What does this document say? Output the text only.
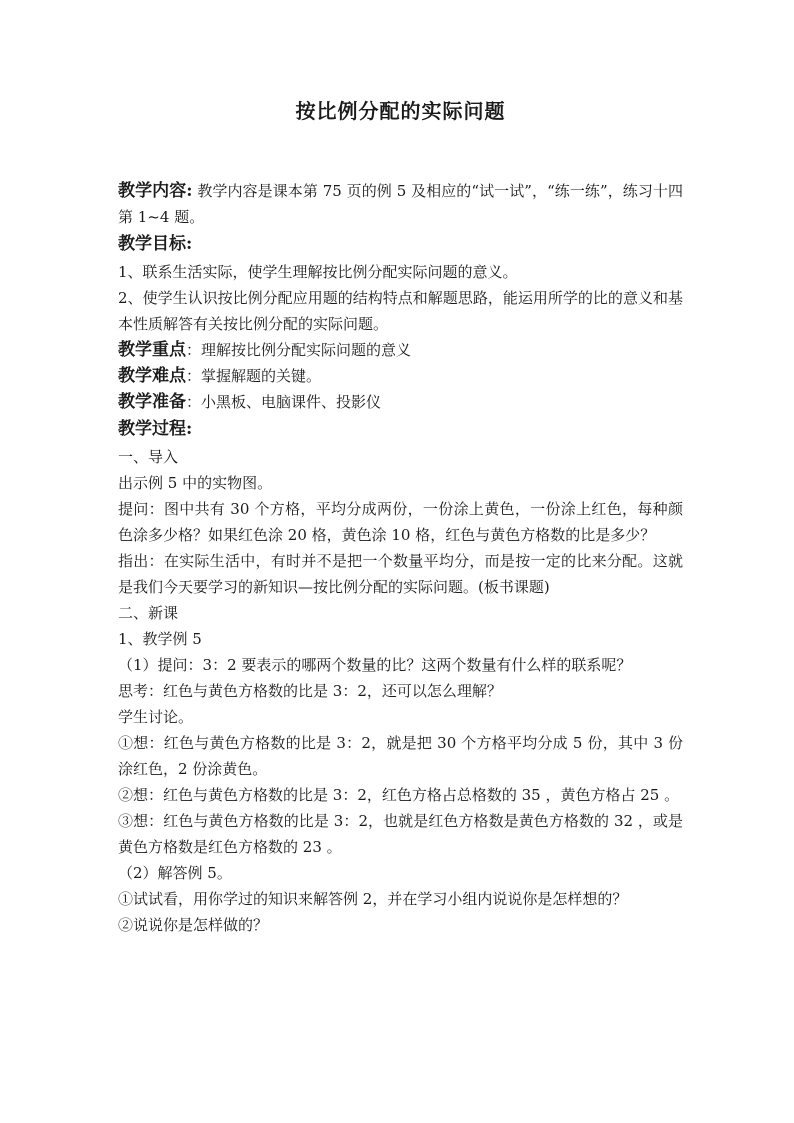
按比例分配的实际问题

教学内容: 教学内容是课本第 75 页的例 5 及相应的“试一试”，“练一练”，练习十四第 1~4 题。

教学目标:

1、联系生活实际，使学生理解按比例分配实际问题的意义。

2、使学生认识按比例分配应用题的结构特点和解题思路，能运用所学的比的意义和基本性质解答有关按比例分配的实际问题。

教学重点：理解按比例分配实际问题的意义

教学难点：掌握解题的关键。

教学准备：小黑板、电脑课件、投影仪

教学过程:

一、导入

出示例 5 中的实物图。

提问：图中共有 30 个方格，平均分成两份，一份涂上黄色，一份涂上红色，每种颜色涂多少格？如果红色涂 20 格，黄色涂 10 格，红色与黄色方格数的比是多少？

指出：在实际生活中，有时并不是把一个数量平均分，而是按一定的比来分配。这就是我们今天要学习的新知识—按比例分配的实际问题。(板书课题)

二、新课

1、教学例 5

（1）提问：3：2 要表示的哪两个数量的比？这两个数量有什么样的联系呢？

思考：红色与黄色方格数的比是 3：2，还可以怎么理解？

学生讨论。

①想：红色与黄色方格数的比是 3：2，就是把 30 个方格平均分成 5 份，其中 3 份涂红色，2 份涂黄色。

②想：红色与黄色方格数的比是 3：2，红色方格占总格数的 35 ，黄色方格占 25 。

③想：红色与黄色方格数的比是 3：2，也就是红色方格数是黄色方格数的 32 ，或是黄色方格数是红色方格数的 23 。

（2）解答例 5。

①试试看，用你学过的知识来解答例 2，并在学习小组内说说你是怎样想的？

②说说你是怎样做的？
